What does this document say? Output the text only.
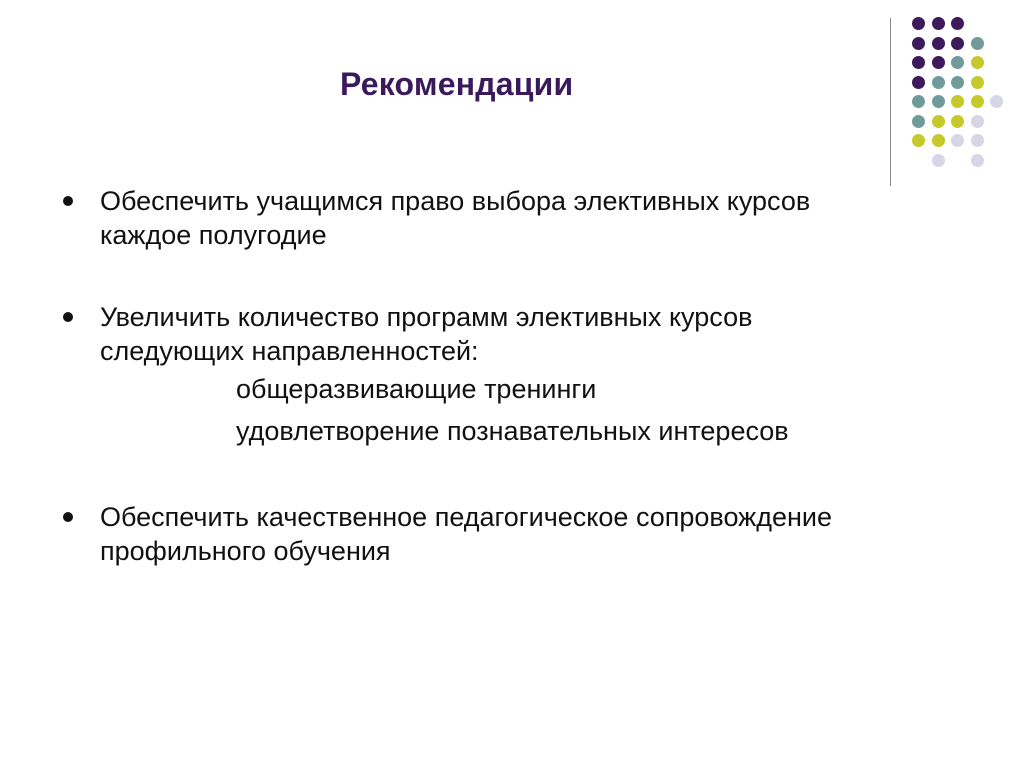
Рекомендации
Обеспечить учащимся право выбора элективных курсов
каждое полугодие
Увеличить количество программ элективных курсов
следующих направленностей:
общеразвивающие тренинги
удовлетворение познавательных интересов
Обеспечить качественное педагогическое сопровождение
профильного обучения
